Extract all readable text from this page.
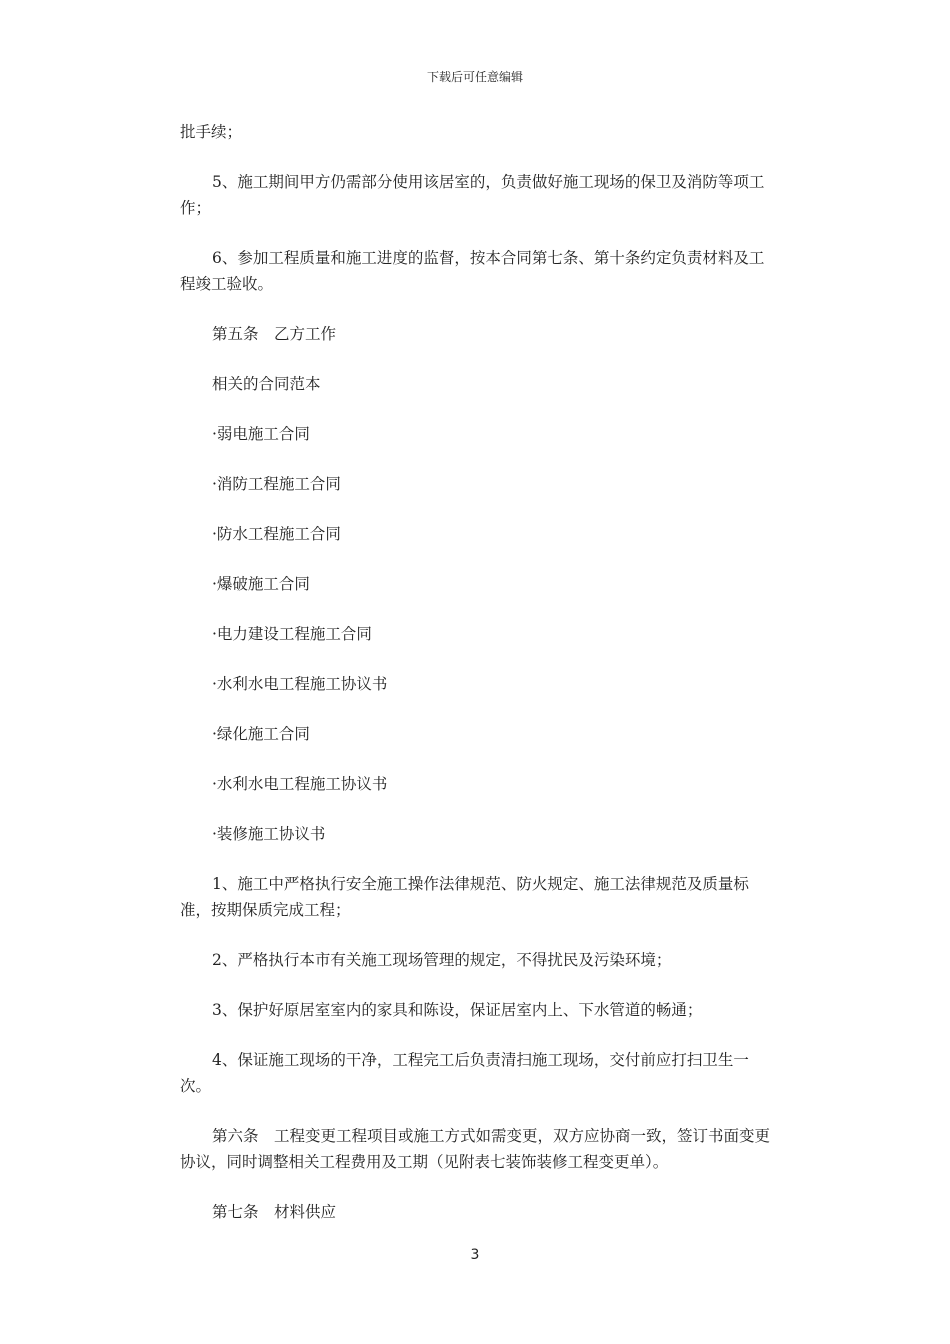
下载后可任意编辑

批手续；

5、施工期间甲方仍需部分使用该居室的，负责做好施工现场的保卫及消防等项工作；

6、参加工程质量和施工进度的监督，按本合同第七条、第十条约定负责材料及工程竣工验收。

第五条　乙方工作

相关的合同范本

·弱电施工合同

·消防工程施工合同

·防水工程施工合同

·爆破施工合同

·电力建设工程施工合同

·水利水电工程施工协议书

·绿化施工合同

·水利水电工程施工协议书

·装修施工协议书

1、施工中严格执行安全施工操作法律规范、防火规定、施工法律规范及质量标准，按期保质完成工程；

2、严格执行本市有关施工现场管理的规定，不得扰民及污染环境；

3、保护好原居室室内的家具和陈设，保证居室内上、下水管道的畅通；

4、保证施工现场的干净，工程完工后负责清扫施工现场，交付前应打扫卫生一次。

第六条　工程变更工程项目或施工方式如需变更，双方应协商一致，签订书面变更协议，同时调整相关工程费用及工期（见附表七装饰装修工程变更单）。

第七条　材料供应

3
